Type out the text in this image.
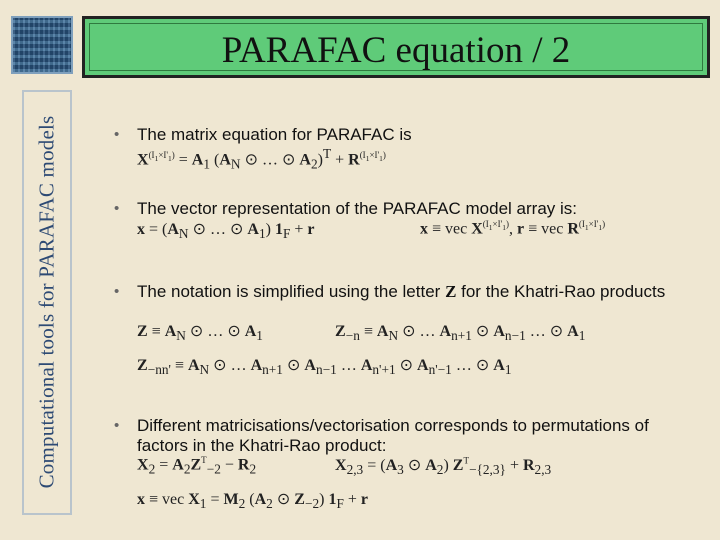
Computational tools for PARAFAC models
PARAFAC equation / 2
• The matrix equation for PARAFAC is
$X^{(I_1\times I'_1)} = A_1$ ($A_N$ ⊙ … ⊙ $A_2)^T + R^{(I_1\times I'_1)}$
• The vector representation of the PARAFAC model array is:
$x = (A_N$ ⊙ … ⊙ $A_1$) $1_F + r$	x ≡ vec $X^{(I_1\times I'_1)}$, r ≡ vec $R^{(I_1\times I'_1)}$
• The notation is simplified using the letter Z for the Khatri-Rao products
$Z \equiv A_N$ ⊙ … ⊙ $A_1$	$Z_{-n} \equiv A_N$ ⊙ … $A_{n+1}$ ⊙ $A_{n-1}$ … ⊙ $A_1$
$Z_{-nn'} \equiv A_N$ ⊙ … $A_{n+1}$ ⊙ $A_{n-1}$ … $A_{n'+1}$ ⊙ $A_{n'-1}$ … ⊙ $A_1$
• Different matricisations/vectorisation corresponds to permutations of factors in the Khatri-Rao product:
$X_2 = A_2Z^T_{-2} - R_2$	$X_{2,3} = (A_3$ ⊙ $A_2$) $Z^T_{-\{2,3\}} + R_{2,3}$
x ≡ vec $X_1 = M_2$ ($A_2$ ⊙ $Z_{-2}$) $1_F + r$
